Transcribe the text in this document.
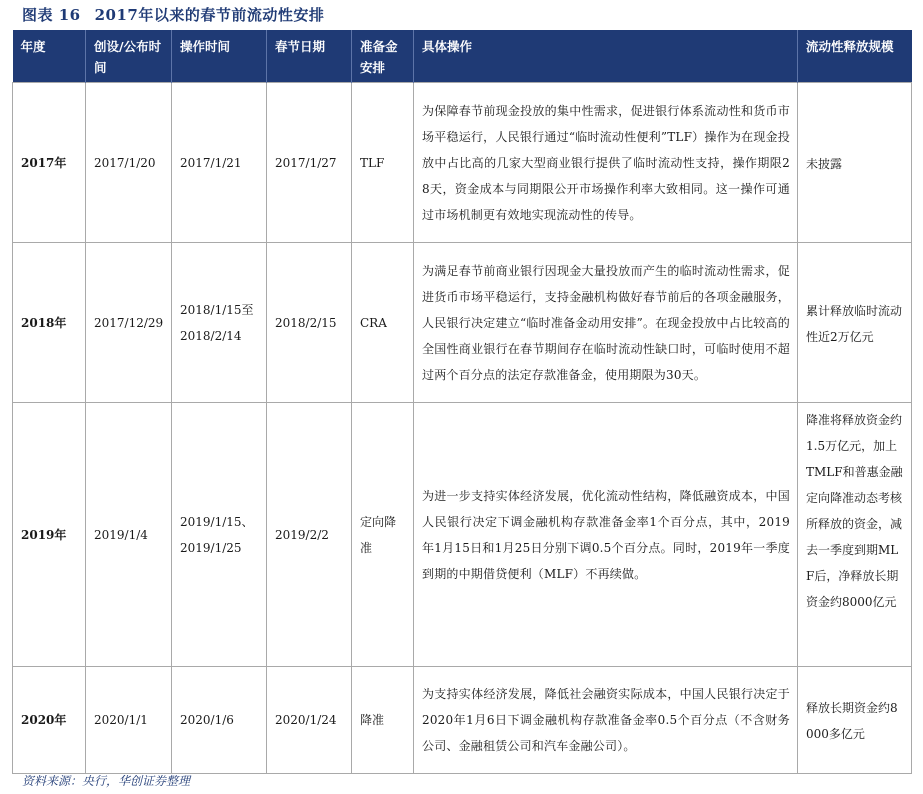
图表 16 2017年以来的春节前流动性安排
年度	创设/公布时间	操作时间	春节日期	准备金安排	具体操作	流动性释放规模
2017年	2017/1/20	2017/1/21	2017/1/27	TLF	为保障春节前现金投放的集中性需求，促进银行体系流动性和货币市场平稳运行，人民银行通过“临时流动性便利”TLF）操作为在现金投放中占比高的几家大型商业银行提供了临时流动性支持，操作期限28天，资金成本与同期限公开市场操作利率大致相同。这一操作可通过市场机制更有效地实现流动性的传导。	未披露
2018年	2017/12/29	2018/1/15至2018/2/14	2018/2/15	CRA	为满足春节前商业银行因现金大量投放而产生的临时流动性需求，促进货币市场平稳运行，支持金融机构做好春节前后的各项金融服务，人民银行决定建立“临时准备金动用安排”。在现金投放中占比较高的全国性商业银行在春节期间存在临时流动性缺口时，可临时使用不超过两个百分点的法定存款准备金，使用期限为30天。	累计释放临时流动性近2万亿元
2019年	2019/1/4	2019/1/15、2019/1/25	2019/2/2	定向降准	为进一步支持实体经济发展，优化流动性结构，降低融资成本，中国人民银行决定下调金融机构存款准备金率1个百分点，其中，2019年1月15日和1月25日分别下调0.5个百分点。同时，2019年一季度到期的中期借贷便利（MLF）不再续做。	降准将释放资金约1.5万亿元，加上TMLF和普惠金融定向降准动态考核所释放的资金，减去一季度到期MLF后，净释放长期资金约8000亿元
2020年	2020/1/1	2020/1/6	2020/1/24	降准	为支持实体经济发展，降低社会融资实际成本，中国人民银行决定于2020年1月6日下调金融机构存款准备金率0.5个百分点（不含财务公司、金融租赁公司和汽车金融公司）。	释放长期资金约8000多亿元
资料来源：央行，华创证券整理
